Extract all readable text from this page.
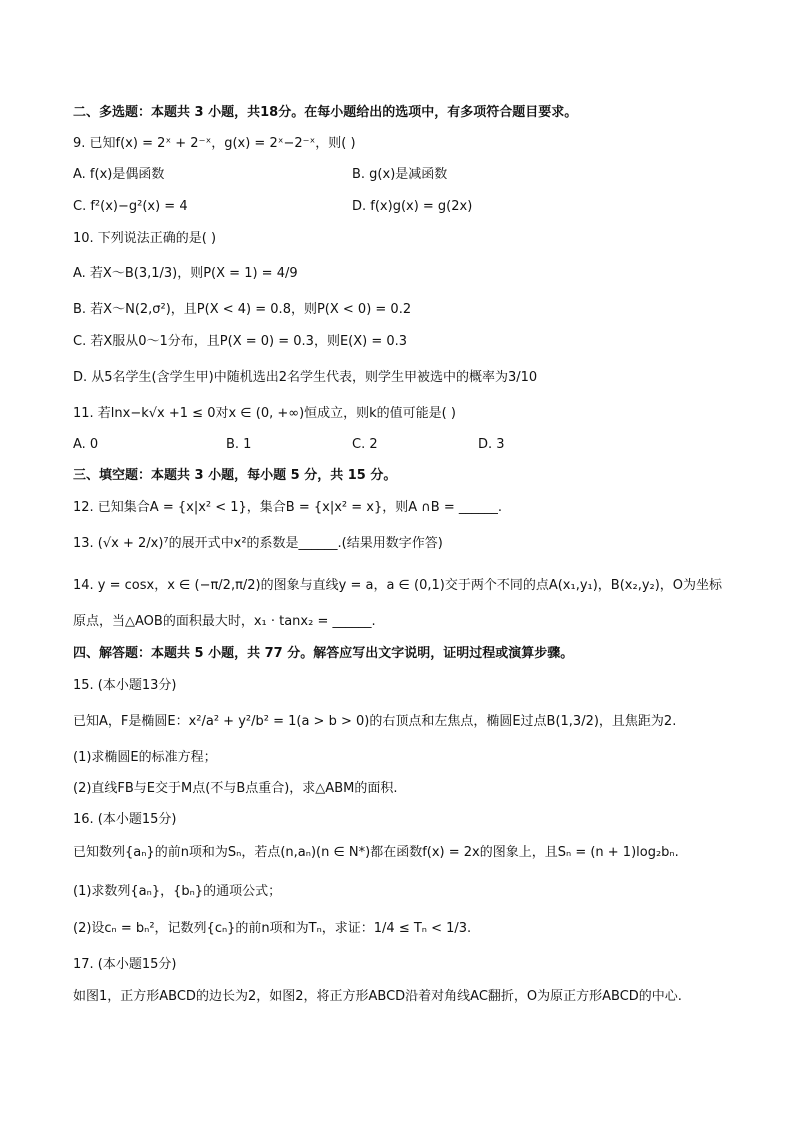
二、多选题：本题共 3 小题，共18分。在每小题给出的选项中，有多项符合题目要求。
9. 已知f(x) = 2ˣ + 2⁻ˣ，g(x) = 2ˣ−2⁻ˣ，则( )
A. f(x)是偶函数	B. g(x)是减函数
C. f²(x)−g²(x) = 4	D. f(x)g(x) = g(2x)
10. 下列说法正确的是( )
A. 若X～B(3,1/3)，则P(X = 1) = 4/9
B. 若X～N(2,σ²)，且P(X < 4) = 0.8，则P(X < 0) = 0.2
C. 若X服从0～1分布，且P(X = 0) = 0.3，则E(X) = 0.3
D. 从5名学生(含学生甲)中随机选出2名学生代表，则学生甲被选中的概率为3/10
11. 若lnx−k√x +1 ≤ 0对x ∈ (0, +∞)恒成立，则k的值可能是( )
A. 0	B. 1	C. 2	D. 3
三、填空题：本题共 3 小题，每小题 5 分，共 15 分。
12. 已知集合A = {x|x² < 1}，集合B = {x|x² = x}，则A ∩B = ______.
13. (√x + 2/x)⁷的展开式中x²的系数是______.(结果用数字作答)
14. y = cosx，x ∈ (−π/2,π/2)的图象与直线y = a，a ∈ (0,1)交于两个不同的点A(x₁,y₁)，B(x₂,y₂)，O为坐标
原点，当△AOB的面积最大时，x₁ · tanx₂ = ______.
四、解答题：本题共 5 小题，共 77 分。解答应写出文字说明，证明过程或演算步骤。
15. (本小题13分)
已知A，F是椭圆E：x²/a² + y²/b² = 1(a > b > 0)的右顶点和左焦点，椭圆E过点B(1,3/2)，且焦距为2.
(1)求椭圆E的标准方程；
(2)直线FB与E交于M点(不与B点重合)，求△ABM的面积.
16. (本小题15分)
已知数列{aₙ}的前n项和为Sₙ，若点(n,aₙ)(n ∈ N*)都在函数f(x) = 2x的图象上，且Sₙ = (n + 1)log₂bₙ.
(1)求数列{aₙ}，{bₙ}的通项公式；
(2)设cₙ = bₙ²，记数列{cₙ}的前n项和为Tₙ，求证：1/4 ≤ Tₙ < 1/3.
17. (本小题15分)
如图1，正方形ABCD的边长为2，如图2，将正方形ABCD沿着对角线AC翻折，O为原正方形ABCD的中心.
